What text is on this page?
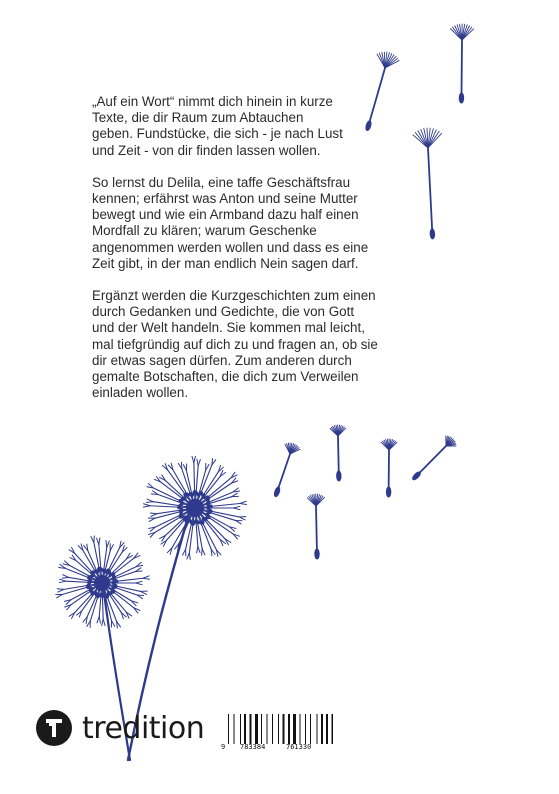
„Auf ein Wort“ nimmt dich hinein in kurze
Texte, die dir Raum zum Abtauchen
geben. Fundstücke, die sich - je nach Lust
und Zeit - von dir finden lassen wollen.

So lernst du Delila, eine taffe Geschäftsfrau
kennen; erfährst was Anton und seine Mutter
bewegt und wie ein Armband dazu half einen
Mordfall zu klären; warum Geschenke
angenommen werden wollen und dass es eine
Zeit gibt, in der man endlich Nein sagen darf.

Ergänzt werden die Kurzgeschichten zum einen
durch Gedanken und Gedichte, die von Gott
und der Welt handeln. Sie kommen mal leicht,
mal tiefgründig auf dich zu und fragen an, ob sie
dir etwas sagen dürfen. Zum anderen durch
gemalte Botschaften, die dich zum Verweilen
einladen wollen.

tredition
9 783384	761330
